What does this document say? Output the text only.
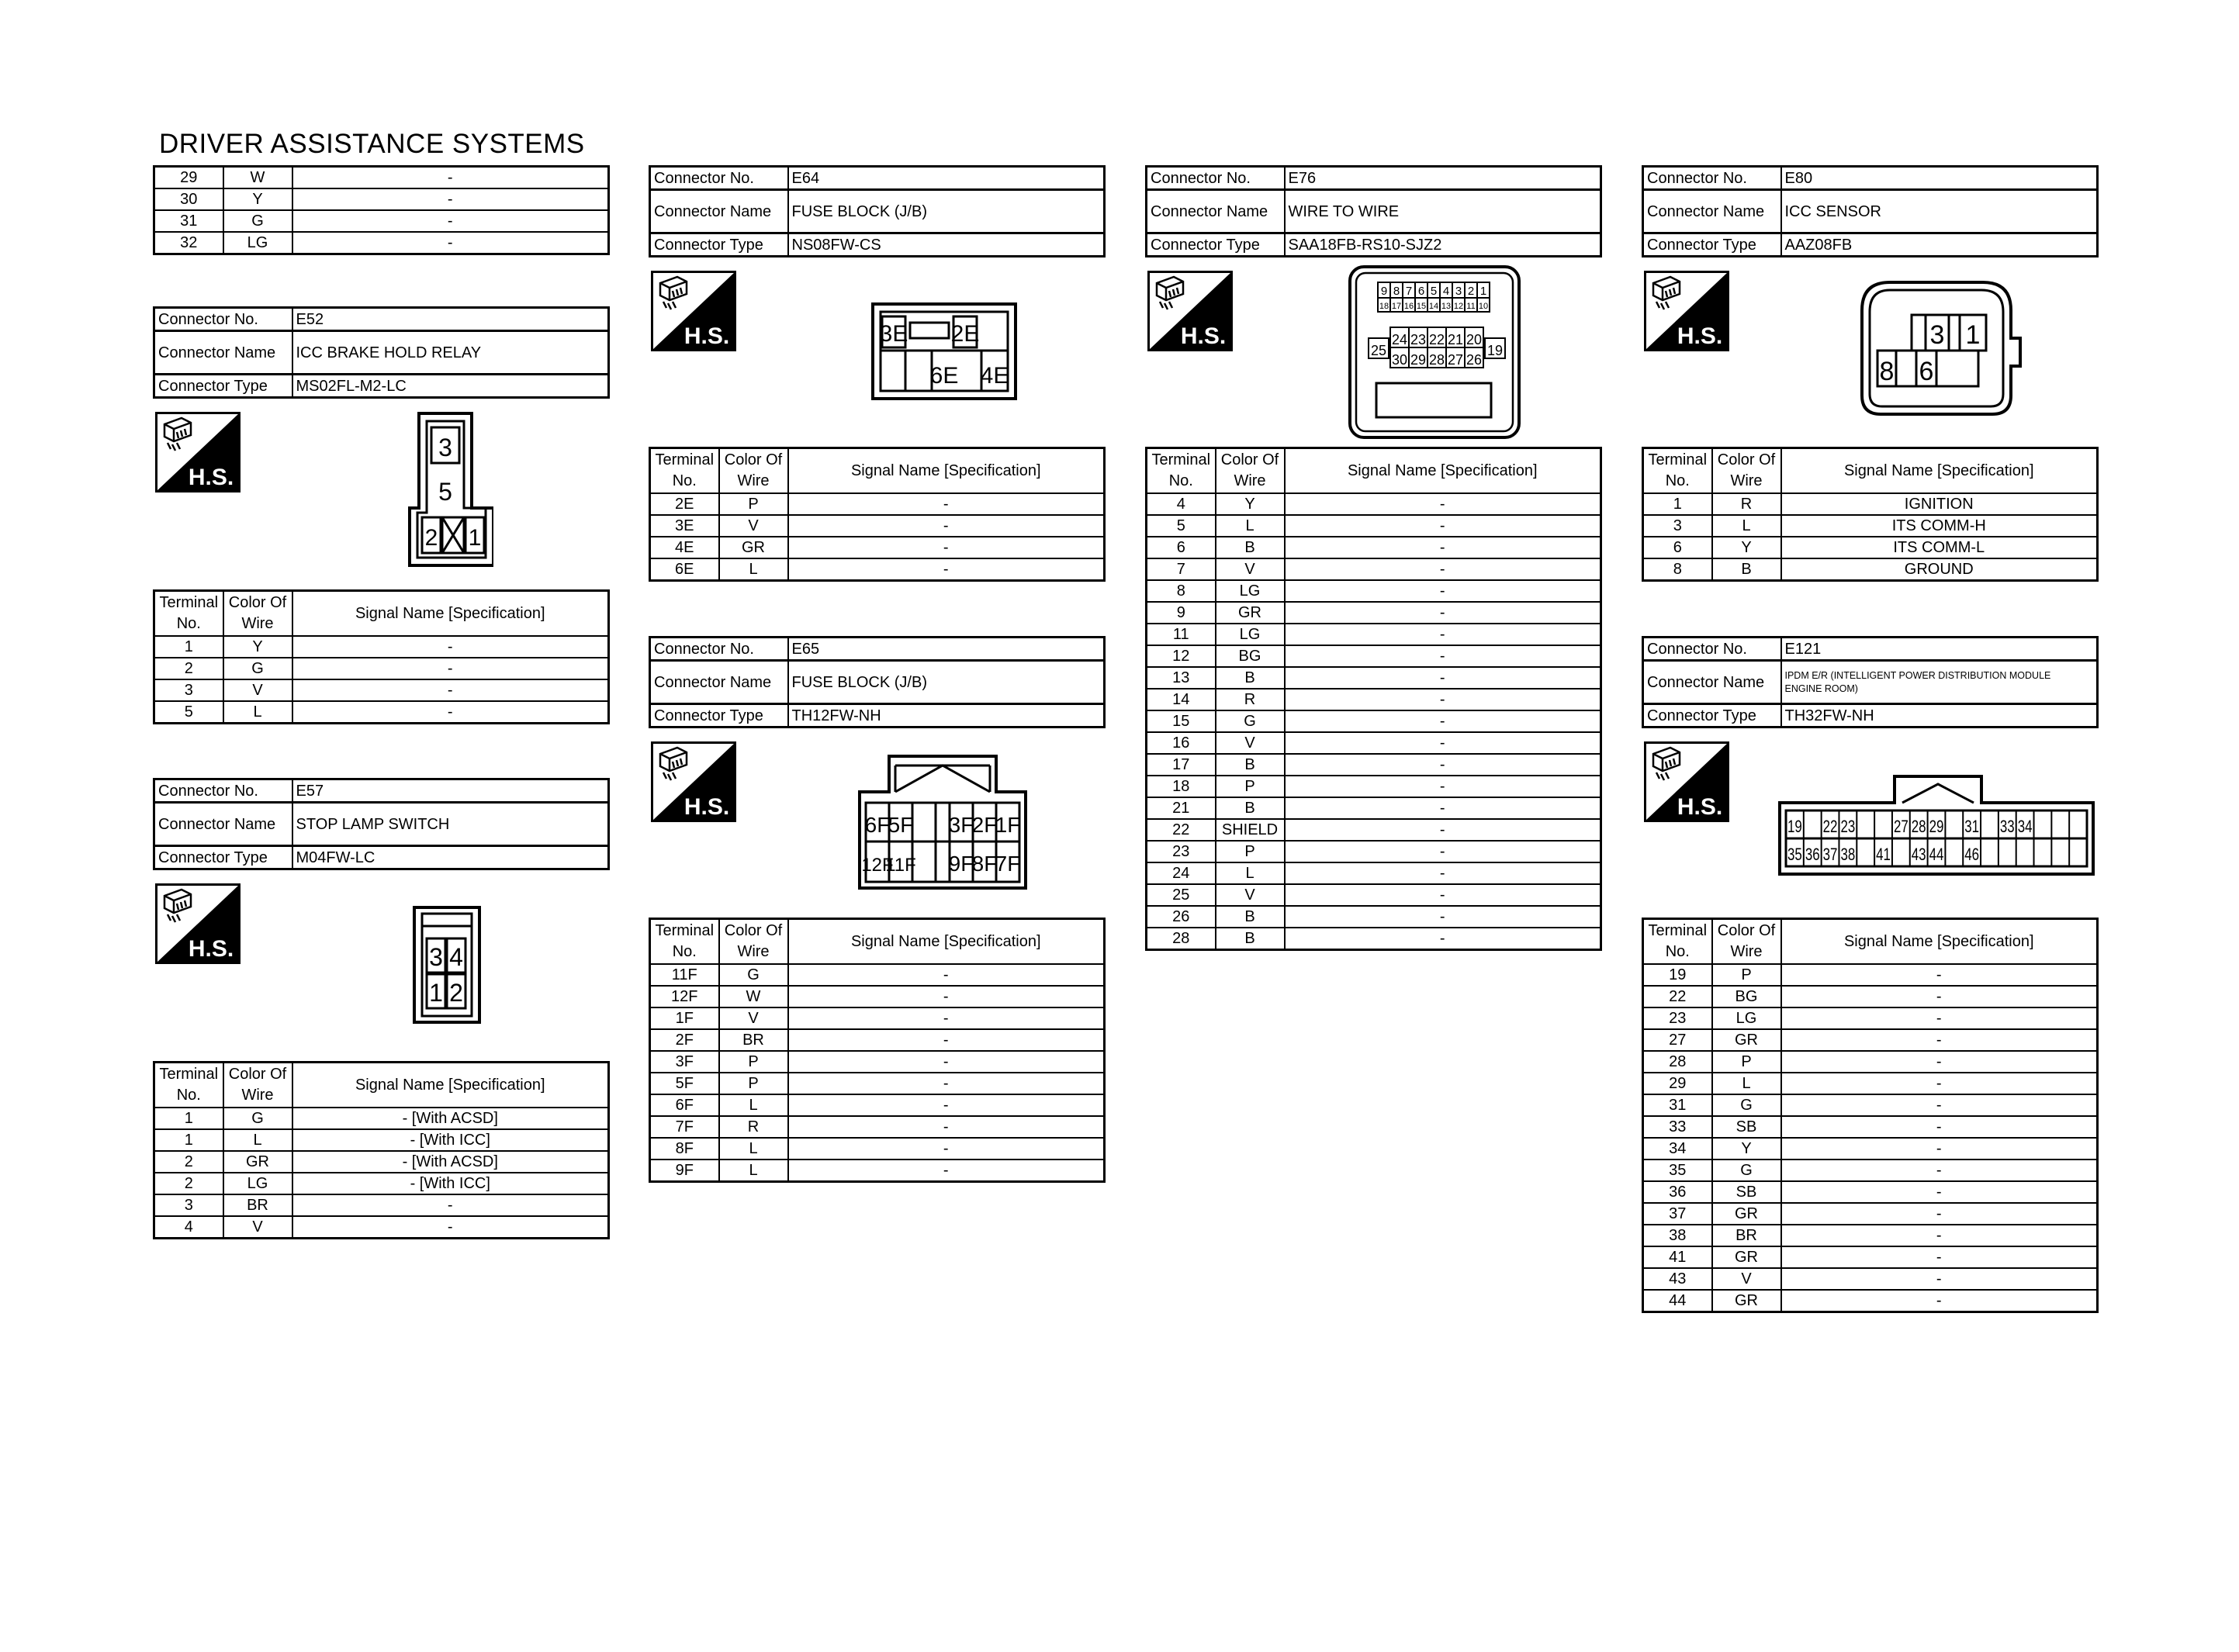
DRIVER ASSISTANCE SYSTEMS
29	W	-
30	Y	-
31	G	-
32	LG	-
Connector No.	E52
Connector Name	ICC BRAKE HOLD RELAY
Connector Type	MS02FL-M2-LC
H.S.
3
5
2 1
Terminal No.	Color Of Wire	Signal Name [Specification]
1	Y	-
2	G	-
3	V	-
5	L	-
Connector No.	E57
Connector Name	STOP LAMP SWITCH
Connector Type	M04FW-LC
H.S.	3 4
1 2
Terminal No.	Color Of Wire	Signal Name [Specification]
1	G	- [With ACSD]
1	L	- [With ICC]
2	GR	- [With ACSD]
2	LG	- [With ICC]
3	BR	-
4	V	-
Connector No.	E64
Connector Name	FUSE BLOCK (J/B)
Connector Type	NS08FW-CS
H.S.	3E 2E
6E 4E
Terminal No.	Color Of Wire	Signal Name [Specification]
2E	P	-
3E	V	-
4E	GR	-
6E	L	-
Connector No.	E65
Connector Name	FUSE BLOCK (J/B)
Connector Type	TH12FW-NH
H.S.
6F
5F 3F
2F
1F
12F
11F 9F
8F
7F
Terminal No.	Color Of Wire	Signal Name [Specification]
11F	G	-
12F	W	-
1F	V	-
2F	BR	-
3F	P	-
5F	P	-
6F	L	-
7F	R	-
8F	L	-
9F	L	-
Connector No.	E76
Connector Name	WIRE TO WIRE
Connector Type	SAA18FB-RS10-SJZ2
H.S.
9 8 7 6 5 4 3 2 1
18 17 16 15 14 13 12 11 10
24 23 22 21 20
30 29 28 27 26
25	19
Terminal No.	Color Of Wire	Signal Name [Specification]
4	Y	-
5	L	-
6	B	-
7	V	-
8	LG	-
9	GR	-
11	LG	-
12	BG	-
13	B	-
14	R	-
15	G	-
16	V	-
17	B	-
18	P	-
21	B	-
22	SHIELD	-
23	P	-
24	L	-
25	V	-
26	B	-
28	B	-
Connector No.	E80
Connector Name	ICC SENSOR
Connector Type	AAZ08FB
H.S.	3 1
8 6
Terminal No.	Color Of Wire	Signal Name [Specification]
1	R	IGNITION
3	L	ITS COMM-H
6	Y	ITS COMM-L
8	B	GROUND
Connector No.	E121
Connector Name	IPDM E/R (INTELLIGENT POWER DISTRIBUTION MODULE ENGINE ROOM)
Connector Type	TH32FW-NH
H.S.
19 22 23 27 28 29 31 33 34
35 36 37 38 41 43 44 46
Terminal No.	Color Of Wire	Signal Name [Specification]
19	P	-
22	BG	-
23	LG	-
27	GR	-
28	P	-
29	L	-
31	G	-
33	SB	-
34	Y	-
35	G	-
36	SB	-
37	GR	-
38	BR	-
41	GR	-
43	V	-
44	GR	-
